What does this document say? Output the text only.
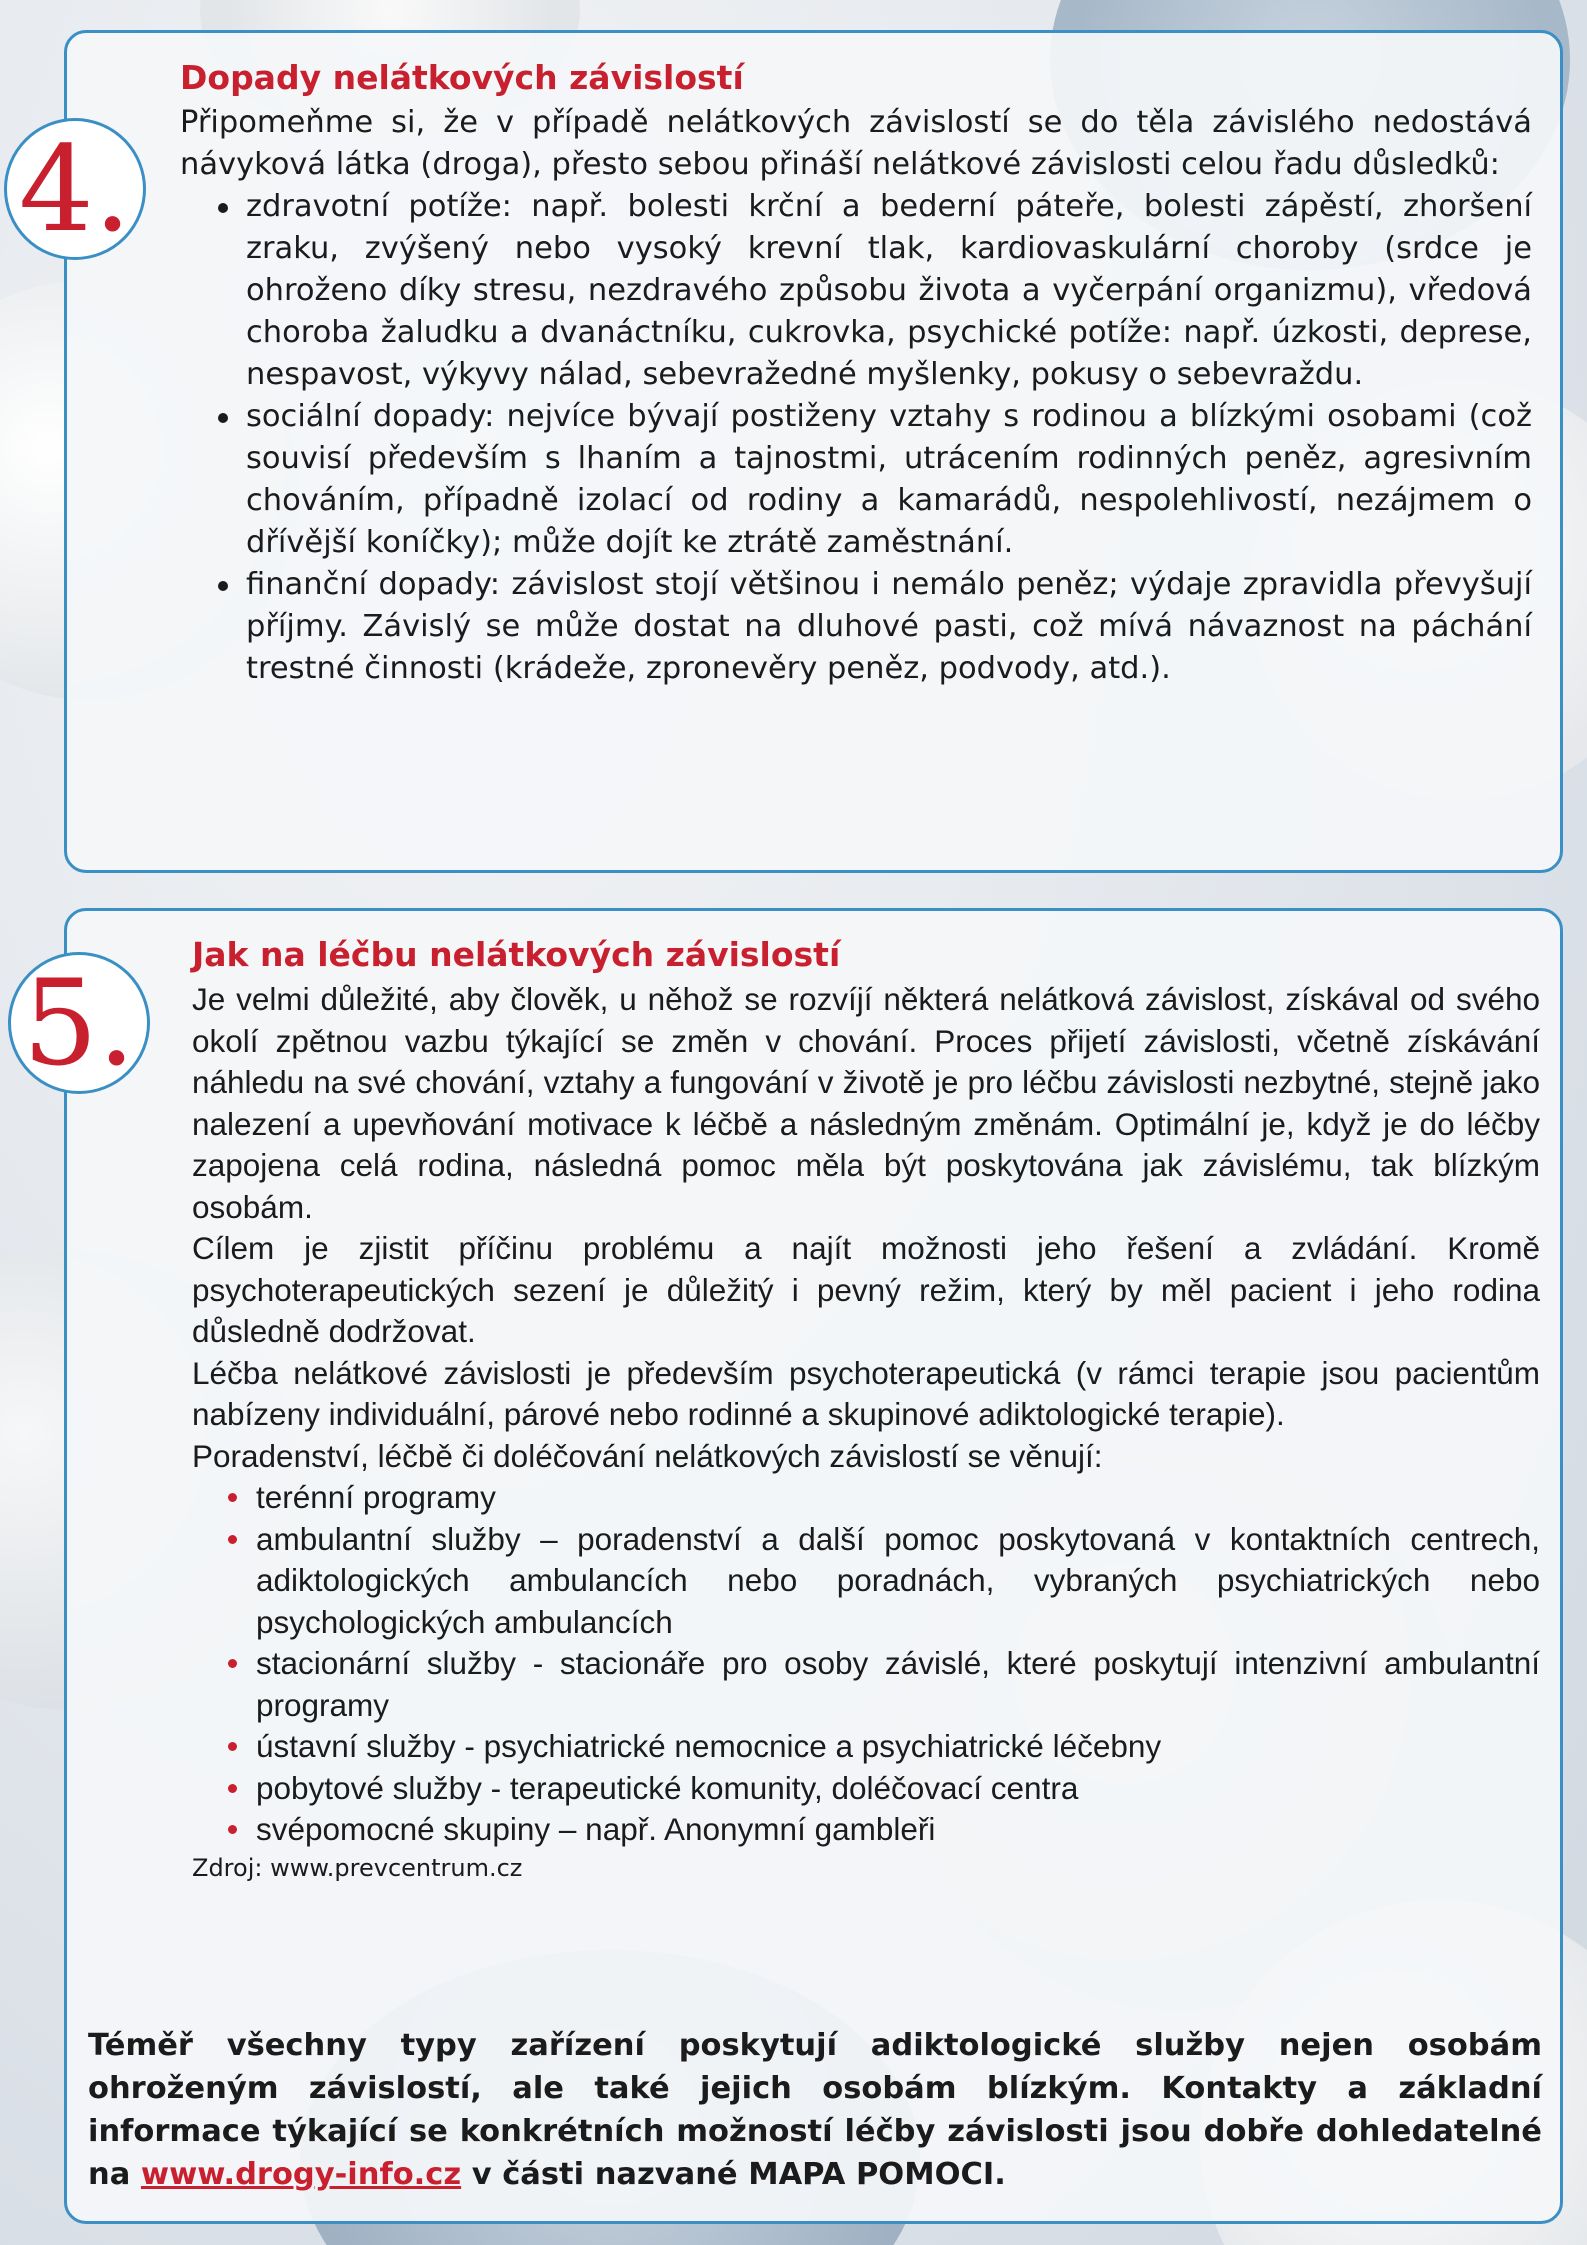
4.
Dopady nelátkových závislostí

Připomeňme si, že v případě nelátkových závislostí se do těla závislého nedostává návyková látka (droga), přesto sebou přináší nelátkové závislosti celou řadu důsledků:

zdravotní potíže: např. bolesti krční a bederní páteře, bolesti zápěstí, zhoršení zraku, zvýšený nebo vysoký krevní tlak, kardiovaskulární choroby (srdce je ohroženo díky stresu, nezdravého způsobu života a vyčerpání organizmu), vředová choroba žaludku a dvanáctníku, cukrovka, psychické potíže: např. úzkosti, deprese, nespavost, výkyvy nálad, sebevražedné myšlenky, pokusy o sebevraždu.
sociální dopady: nejvíce bývají postiženy vztahy s rodinou a blízkými osobami (což souvisí především s lhaním a tajnostmi, utrácením rodinných peněz, agresivním chováním, případně izolací od rodiny a kamarádů, nespolehlivostí, nezájmem o dřívější koníčky); může dojít ke ztrátě zaměstnání.
finanční dopady: závislost stojí většinou i nemálo peněz; výdaje zpravidla převyšují příjmy. Závislý se může dostat na dluhové pasti, což mívá návaznost na páchání trestné činnosti (krádeže, zpronevěry peněz, podvody, atd.).
5. Jak na léčbu nelátkových závislostí

Je velmi důležité, aby člověk, u něhož se rozvíjí některá nelátková závislost, získával od svého okolí zpětnou vazbu týkající se změn v chování. Proces přijetí závislosti, včetně získávání náhledu na své chování, vztahy a fungování v životě je pro léčbu závislosti nezbytné, stejně jako nalezení a upevňování motivace k léčbě a následným změnám. Optimální je, když je do léčby zapojena celá rodina, následná pomoc měla být poskytována jak závislému, tak blízkým osobám.

Cílem je zjistit příčinu problému a najít možnosti jeho řešení a zvládání. Kromě psychoterapeutických sezení je důležitý i pevný režim, který by měl pacient i jeho rodina důsledně dodržovat.

Léčba nelátkové závislosti je především psychoterapeutická (v rámci terapie jsou pacientům nabízeny individuální, párové nebo rodinné a skupinové adiktologické terapie).

Poradenství, léčbě či doléčování nelátkových závislostí se věnují:

terénní programy
ambulantní služby – poradenství a další pomoc poskytovaná v kontaktních centrech, adiktologických ambulancích nebo poradnách, vybraných psychiatrických nebo psychologických ambulancích
stacionární služby - stacionáře pro osoby závislé, které poskytují intenzivní ambulantní programy
ústavní služby - psychiatrické nemocnice a psychiatrické léčebny
pobytové služby - terapeutické komunity, doléčovací centra
svépomocné skupiny – např. Anonymní gambleři

Zdroj: www.prevcentrum.cz

Téměř všechny typy zařízení poskytují adiktologické služby nejen osobám ohroženým závislostí, ale také jejich osobám blízkým. Kontakty a základní informace týkající se konkrétních možností léčby závislosti jsou dobře dohledatelné na www.drogy-info.cz v části nazvané MAPA POMOCI.
